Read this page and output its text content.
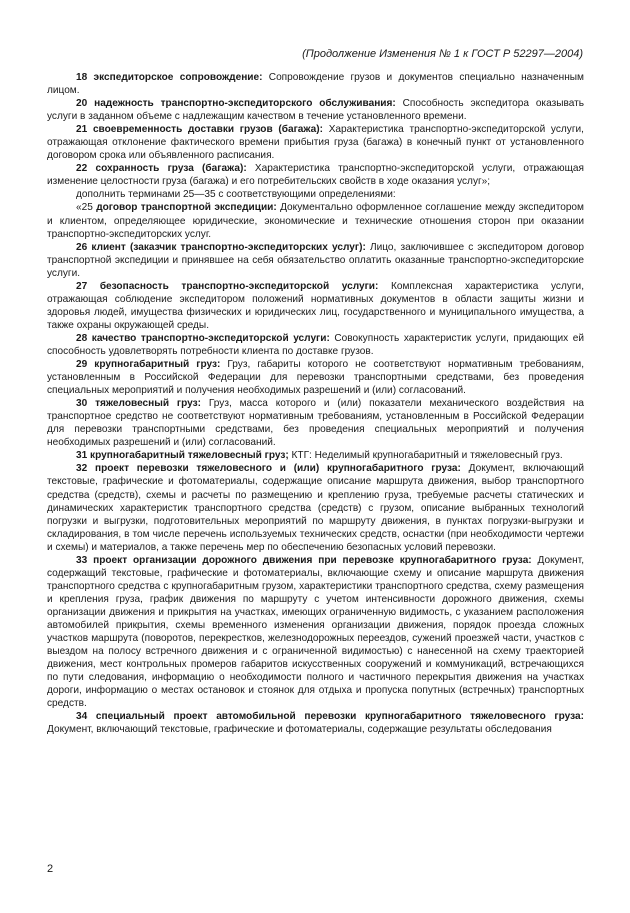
(Продолжение Изменения № 1 к ГОСТ Р 52297—2004)

18 экспедиторское сопровождение: Сопровождение грузов и документов специально назначенным лицом.

20 надежность транспортно-экспедиторского обслуживания: Способность экспедитора оказывать услуги в заданном объеме с надлежащим качеством в течение установленного времени.

21 своевременность доставки грузов (багажа): Характеристика транспортно-экспедиторской услуги, отражающая отклонение фактического времени прибытия груза (багажа) в конечный пункт от установленного договором срока или объявленного расписания.

22 сохранность груза (багажа): Характеристика транспортно-экспедиторской услуги, отражающая изменение целостности груза (багажа) и его потребительских свойств в ходе оказания услуг»;

дополнить терминами 25—35 с соответствующими определениями:

«25 договор транспортной экспедиции: Документально оформленное соглашение между экспедитором и клиентом, определяющее юридические, экономические и технические отношения сторон при оказании транспортно-экспедиторских услуг.

26 клиент (заказчик транспортно-экспедиторских услуг): Лицо, заключившее с экспедитором договор транспортной экспедиции и принявшее на себя обязательство оплатить оказанные транспортно-экспедиторские услуги.

27 безопасность транспортно-экспедиторской услуги: Комплексная характеристика услуги, отражающая соблюдение экспедитором положений нормативных документов в области защиты жизни и здоровья людей, имущества физических и юридических лиц, государственного и муниципального имущества, а также охраны окружающей среды.

28 качество транспортно-экспедиторской услуги: Совокупность характеристик услуги, придающих ей способность удовлетворять потребности клиента по доставке грузов.

29 крупногабаритный груз: Груз, габариты которого не соответствуют нормативным требованиям, установленным в Российской Федерации для перевозки транспортными средствами, без проведения специальных мероприятий и получения необходимых разрешений и (или) согласований.

30 тяжеловесный груз: Груз, масса которого и (или) показатели механического воздействия на транспортное средство не соответствуют нормативным требованиям, установленным в Российской Федерации для перевозки транспортными средствами, без проведения специальных мероприятий и получения необходимых разрешений и (или) согласований.

31 крупногабаритный тяжеловесный груз; КТГ: Неделимый крупногабаритный и тяжеловесный груз.

32 проект перевозки тяжеловесного и (или) крупногабаритного груза: Документ, включающий текстовые, графические и фотоматериалы, содержащие описание маршрута движения, выбор транспортного средства (средств), схемы и расчеты по размещению и креплению груза, требуемые расчеты статических и динамических характеристик транспортного средства (средств) с грузом, описание выбранных технологий погрузки и выгрузки, подготовительных мероприятий по маршруту движения, в пунктах погрузки-выгрузки и складирования, в том числе перечень используемых технических средств, оснастки (при необходимости чертежи и схемы) и материалов, а также перечень мер по обеспечению безопасных условий перевозки.

33 проект организации дорожного движения при перевозке крупногабаритного груза: Документ, содержащий текстовые, графические и фотоматериалы, включающие схему и описание маршрута движения транспортного средства с крупногабаритным грузом, характеристики транспортного средства, схему размещения и крепления груза, график движения по маршруту с учетом интенсивности дорожного движения, схемы организации движения и прикрытия на участках, имеющих ограниченную видимость, с указанием расположения автомобилей прикрытия, схемы временного изменения организации движения, порядок проезда сложных участков маршрута (поворотов, перекрестков, железнодорожных переездов, сужений проезжей части, участков с выездом на полосу встречного движения и с ограниченной видимостью) с нанесенной на схему траекторией движения, мест контрольных промеров габаритов искусственных сооружений и коммуникаций, встречающихся по пути следования, информацию о необходимости полного и частичного перекрытия движения на участках дороги, информацию о местах остановок и стоянок для отдыха и пропуска попутных (встречных) транспортных средств.

34 специальный проект автомобильной перевозки крупногабаритного тяжеловесного груза: Документ, включающий текстовые, графические и фотоматериалы, содержащие результаты обследования

2
